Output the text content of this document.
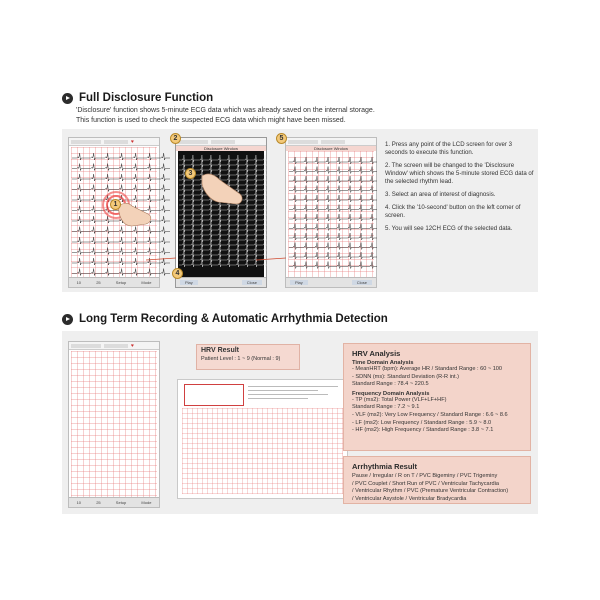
Full Disclosure Function
'Disclosure' function shows 5-minute ECG data which was already saved on the internal storage.
This function is used to check the suspected ECG data which might have been missed.
♥
10	25	Setup	Mode
Disclosure Window
Play	Close
Disclosure Window
Play	Close
1
2
3
4
5
1. Press any point of the LCD screen for over 3 seconds to execute this function.
2. The screen will be changed to the 'Disclosure Window' which shows the 5-minute stored ECG data of the selected rhythm lead.
3. Select an area of interest of diagnosis.
4. Click the '10-second' button on the left corner of screen.
5. You will see 12CH ECG of the selected data.
Long Term Recording & Automatic Arrhythmia Detection
♥
10	25	Setup	Mode
HRV Result
Patient Level : 1 ~ 9 (Normal : 9)
HRV Analysis
Time Domain Analysis
- MeanHRT (bpm): Average HR / Standard Range : 60 ~ 100
- SDNN (ms): Standard Deviation (R-R int.)
Standard Range : 78.4 ~ 220.5
Frequency Domain Analysis
- TP (ms2): Total Power (VLF+LF+HF)
Standard Range : 7.2 ~ 9.1
- VLF (ms2): Very Low Frequency / Standard Range : 6.6 ~ 8.6
- LF (ms2): Low Frequency / Standard Range : 5.9 ~ 8.0
- HF (ms2): High Frequency / Standard Range : 3.8 ~ 7.1
Arrhythmia Result
Pause / Irregular / R on T / PVC Bigeminy / PVC Trigeminy
/ PVC Couplet / Short Run of PVC / Ventricular Tachycardia
/ Ventricular Rhythm / PVC (Premature Ventricular Contraction)
/ Ventricular Asystole / Ventricular Bradycardia
